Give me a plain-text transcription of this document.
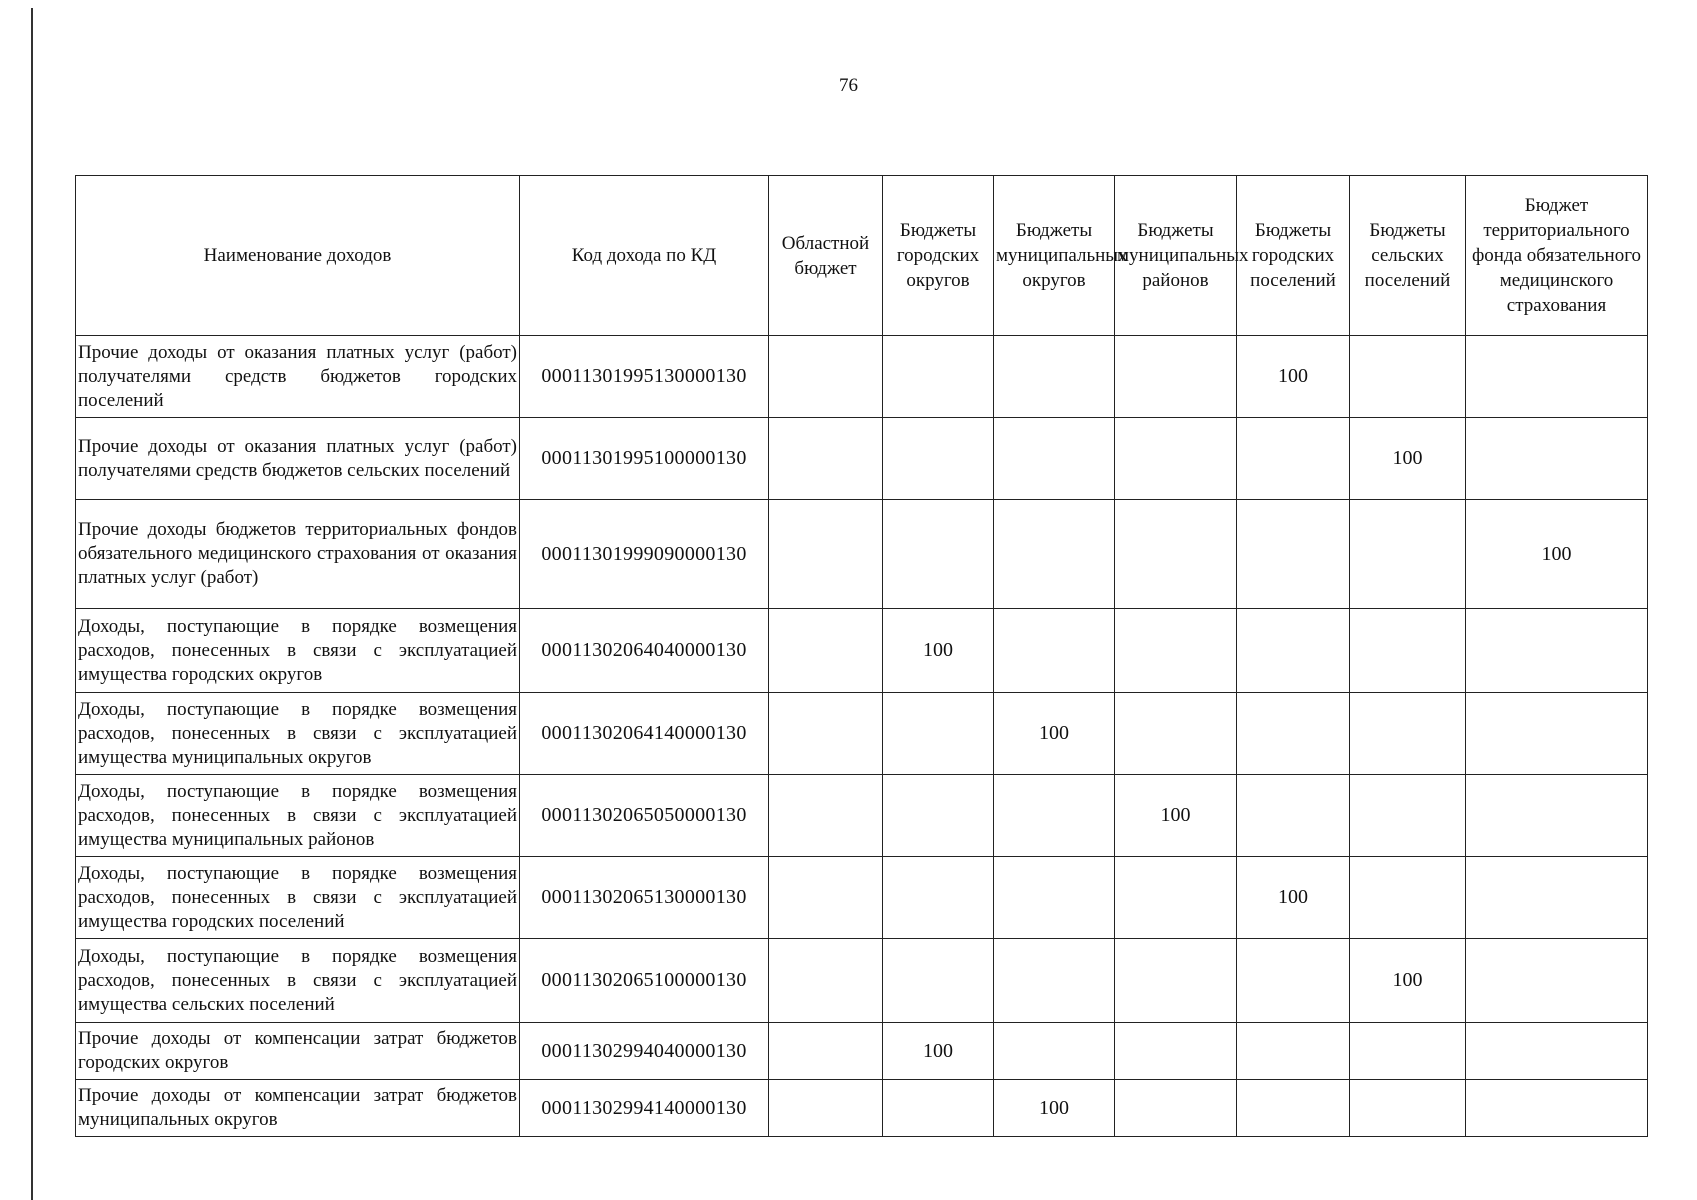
76
Наименование доходов	Код дохода по КД	Областной бюджет	Бюджеты городских округов	Бюджеты муниципальных округов	Бюджеты муниципальных районов	Бюджеты городских поселений	Бюджеты сельских поселений	Бюджет территориального фонда обязательного медицинского страхования
Прочие доходы от оказания платных услуг (работ) получателями средств бюджетов городских поселений	00011301995130000130					100		
Прочие доходы от оказания платных услуг (работ) получателями средств бюджетов сельских поселений	00011301995100000130						100	
Прочие доходы бюджетов территориальных фондов обязательного медицинского страхования от оказания платных услуг (работ)	00011301999090000130							100
Доходы, поступающие в порядке возмещения расходов, понесенных в связи с эксплуатацией имущества городских округов	00011302064040000130		100					
Доходы, поступающие в порядке возмещения расходов, понесенных в связи с эксплуатацией имущества муниципальных округов	00011302064140000130			100				
Доходы, поступающие в порядке возмещения расходов, понесенных в связи с эксплуатацией имущества муниципальных районов	00011302065050000130				100			
Доходы, поступающие в порядке возмещения расходов, понесенных в связи с эксплуатацией имущества городских поселений	00011302065130000130					100		
Доходы, поступающие в порядке возмещения расходов, понесенных в связи с эксплуатацией имущества сельских поселений	00011302065100000130						100	
Прочие доходы от компенсации затрат бюджетов городских округов	00011302994040000130		100					
Прочие доходы от компенсации затрат бюджетов муниципальных округов	00011302994140000130			100				
